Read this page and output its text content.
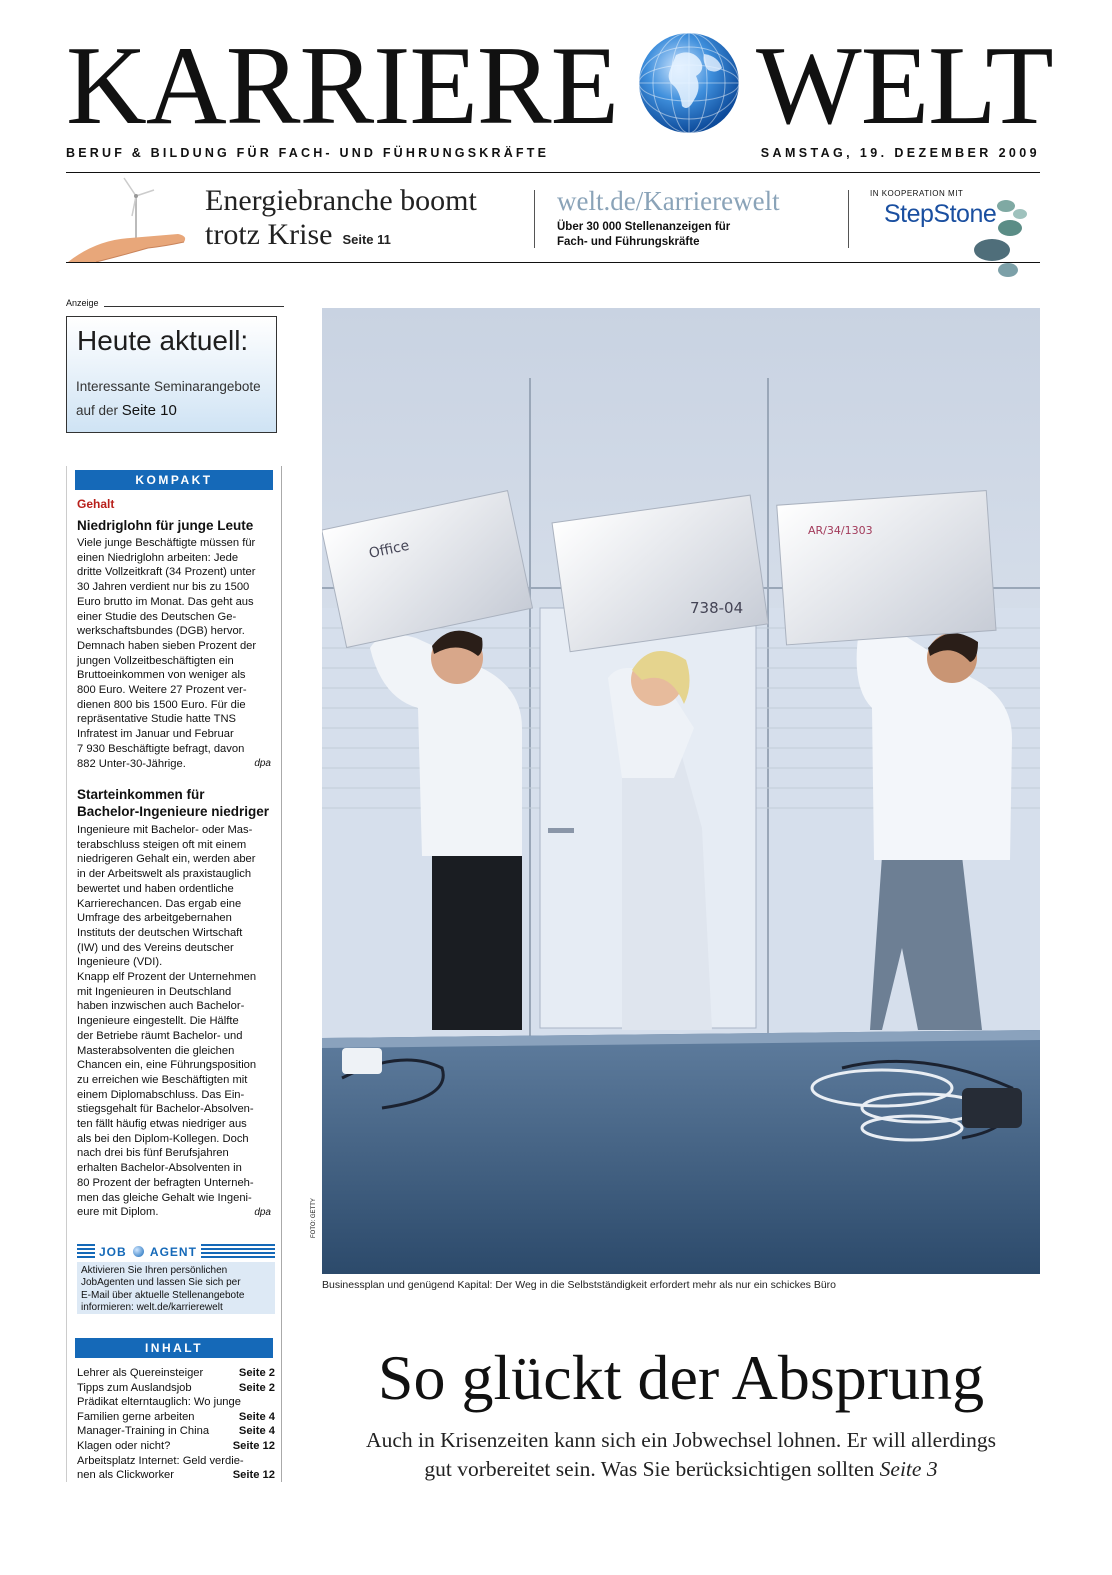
KARRIERE WELT
BERUF & BILDUNG FÜR FACH- UND FÜHRUNGSKRÄFTE	SAMSTAG, 19. DEZEMBER 2009
Energiebranche boomt
trotz Krise Seite 11
welt.de/Karrierewelt
Über 30 000 Stellenanzeigen für
Fach- und Führungskräfte
IN KOOPERATION MIT
StepStone
Anzeige
Heute aktuell:
Interessante Seminarangebote
auf der Seite 10
KOMPAKT
Gehalt
Niedriglohn für junge Leute
Viele junge Beschäftigte müssen für
einen Niedriglohn arbeiten: Jede
dritte Vollzeitkraft (34 Prozent) unter
30 Jahren verdient nur bis zu 1500
Euro brutto im Monat. Das geht aus
einer Studie des Deutschen Ge-
werkschaftsbundes (DGB) hervor.
Demnach haben sieben Prozent der
jungen Vollzeitbeschäftigten ein
Bruttoeinkommen von weniger als
800 Euro. Weitere 27 Prozent ver-
dienen 800 bis 1500 Euro. Für die
repräsentative Studie hatte TNS
Infratest im Januar und Februar
7 930 Beschäftigte befragt, davon
882 Unter-30-Jährige.	dpa
Starteinkommen für
Bachelor-Ingenieure niedriger
Ingenieure mit Bachelor- oder Mas-
terabschluss steigen oft mit einem
niedrigeren Gehalt ein, werden aber
in der Arbeitswelt als praxistauglich
bewertet und haben ordentliche
Karrierechancen. Das ergab eine
Umfrage des arbeitgebernahen
Instituts der deutschen Wirtschaft
(IW) und des Vereins deutscher
Ingenieure (VDI).
Knapp elf Prozent der Unternehmen
mit Ingenieuren in Deutschland
haben inzwischen auch Bachelor-
Ingenieure eingestellt. Die Hälfte
der Betriebe räumt Bachelor- und
Masterabsolventen die gleichen
Chancen ein, eine Führungsposition
zu erreichen wie Beschäftigten mit
einem Diplomabschluss. Das Ein-
stiegsgehalt für Bachelor-Absolven-
ten fällt häufig etwas niedriger aus
als bei den Diplom-Kollegen. Doch
nach drei bis fünf Berufsjahren
erhalten Bachelor-Absolventen in
80 Prozent der befragten Unterneh-
men das gleiche Gehalt wie Ingeni-
eure mit Diplom.	dpa
JOB AGENT
Aktivieren Sie Ihren persönlichen
JobAgenten und lassen Sie sich per
E-Mail über aktuelle Stellenangebote
informieren: welt.de/karrierewelt
INHALT
Lehrer als Quereinsteiger	Seite 2
Tipps zum Auslandsjob	Seite 2
Prädikat elterntauglich: Wo junge
Familien gerne arbeiten	Seite 4
Manager-Training in China	Seite 4
Klagen oder nicht?	Seite 12
Arbeitsplatz Internet: Geld verdie-
nen als Clickworker	Seite 12
Office
738-04
AR/34/1303
FOTO: GETTY
Businessplan und genügend Kapital: Der Weg in die Selbstständigkeit erfordert mehr als nur ein schickes Büro
So glückt der Absprung
Auch in Krisenzeiten kann sich ein Jobwechsel lohnen. Er will allerdings
gut vorbereitet sein. Was Sie berücksichtigen sollten Seite 3
